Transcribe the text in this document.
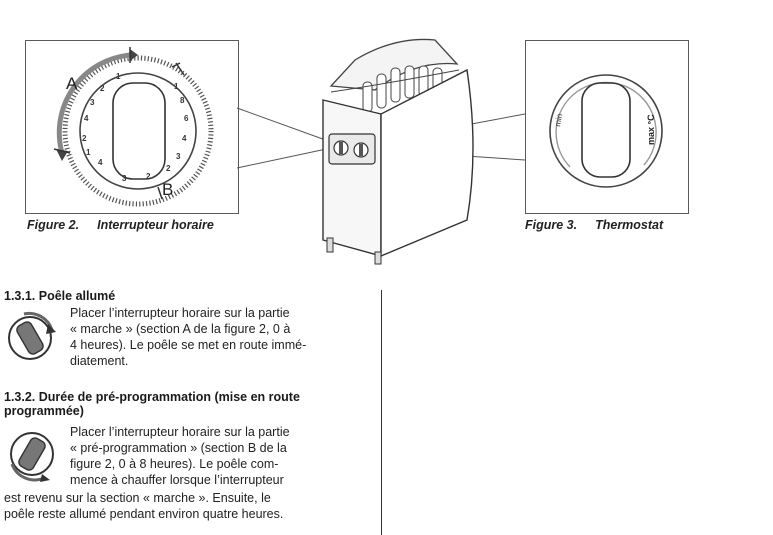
A
B
1
2
3
4
2
1
4
3 2
1
8
6
4
3
2
Figure 2. Interrupteur horaire
min	max °C
Figure 3. Thermostat
1.3.1. Poêle allumé
Placer l’interrupteur horaire sur la partie
« marche » (section A de la figure 2, 0 à
4 heures). Le poêle se met en route immé-
diatement.
1.3.2. Durée de pré-programmation (mise en route
programmée)
Placer l’interrupteur horaire sur la partie
« pré-programmation » (section B de la
figure 2, 0 à 8 heures). Le poêle com-
mence à chauffer lorsque l’interrupteur
est revenu sur la section « marche ». Ensuite, le
poêle reste allumé pendant environ quatre heures.
